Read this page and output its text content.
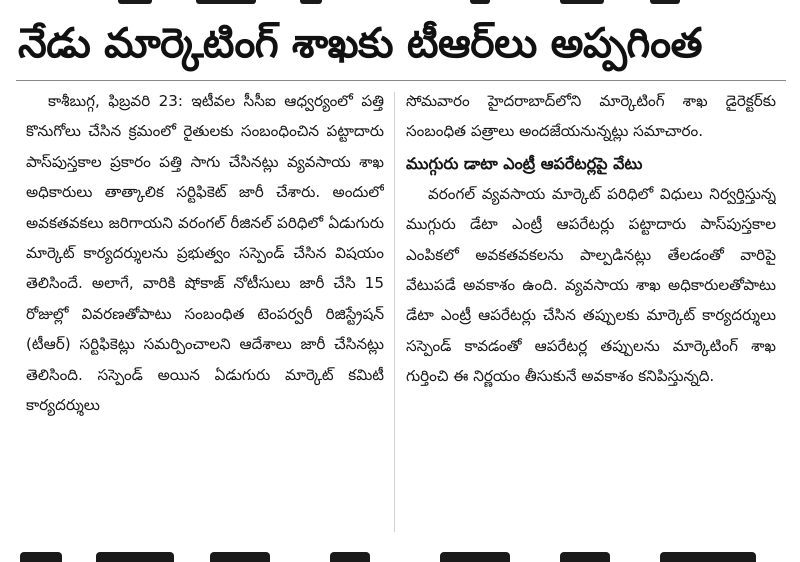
నేడు మార్కెటింగ్ శాఖకు టీఆర్‌లు అప్పగింత

కాశీబుగ్గ, ఫిబ్రవరి 23: ఇటీవల సీసీఐ ఆధ్వర్యంలో పత్తి కొనుగోలు చేసిన క్రమంలో రైతులకు సంబంధించిన పట్టాదారు పాస్‌పుస్తకాల ప్రకారం పత్తి సాగు చేసినట్లు వ్యవసాయ శాఖ అధికారులు తాత్కాలిక సర్టిఫికెట్ జారీ చేశారు. అందులో అవకతవకలు జరిగాయని వరంగల్ రీజినల్ పరిధిలో ఏడుగురు మార్కెట్ కార్యదర్శులను ప్రభుత్వం సస్పెండ్ చేసిన విషయం తెలిసిందే. అలాగే, వారికి షోకాజ్ నోటీసులు జారీ చేసి 15 రోజుల్లో వివరణతోపాటు సంబంధిత టెంపర్వరీ రిజిస్ట్రేషన్ (టీఆర్) సర్టిఫికెట్లు సమర్పించాలని ఆదేశాలు జారీ చేసినట్లు తెలిసింది. సస్పెండ్ అయిన ఏడుగురు మార్కెట్ కమిటీ కార్యదర్శులు

సోమవారం హైదరాబాద్‌లోని మార్కెటింగ్ శాఖ డైరెక్టర్‌కు సంబంధిత పత్రాలు అందజేయనున్నట్లు సమాచారం.

ముగ్గురు డాటా ఎంట్రీ ఆపరేటర్లపై వేటు

వరంగల్ వ్యవసాయ మార్కెట్ పరిధిలో విధులు నిర్వర్తిస్తున్న ముగ్గురు డేటా ఎంట్రీ ఆపరేటర్లు పట్టాదారు పాస్‌పుస్తకాల ఎంపికలో అవకతవకలను పాల్పడినట్లు తేలడంతో వారిపై వేటుపడే అవకాశం ఉంది. వ్యవసాయ శాఖ అధికారులతోపాటు డేటా ఎంట్రీ ఆపరేటర్లు చేసిన తప్పులకు మార్కెట్ కార్యదర్శులు సస్పెండ్ కావడంతో ఆపరేటర్ల తప్పులను మార్కెటింగ్ శాఖ గుర్తించి ఈ నిర్ణయం తీసుకునే అవకాశం కనిపిస్తున్నది.
